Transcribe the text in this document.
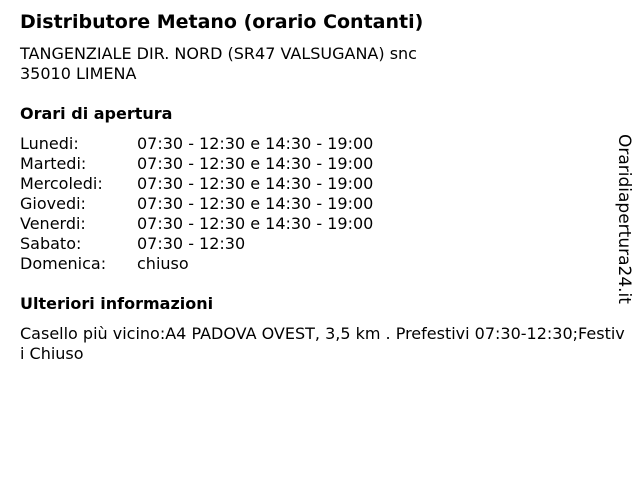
Distributore Metano (orario Contanti)
TANGENZIALE DIR. NORD (SR47 VALSUGANA) snc
35010 LIMENA
Orari di apertura
Lunedi:	07:30 - 12:30 e 14:30 - 19:00
Martedi:	07:30 - 12:30 e 14:30 - 19:00
Mercoledi:	07:30 - 12:30 e 14:30 - 19:00
Giovedi:	07:30 - 12:30 e 14:30 - 19:00
Venerdi:	07:30 - 12:30 e 14:30 - 19:00
Sabato:	07:30 - 12:30
Domenica:	chiuso
Ulteriori informazioni
Casello più vicino:A4 PADOVA OVEST, 3,5 km . Prefestivi 07:30-12:30;Festivi Chiuso
Oraridiapertura24.it
